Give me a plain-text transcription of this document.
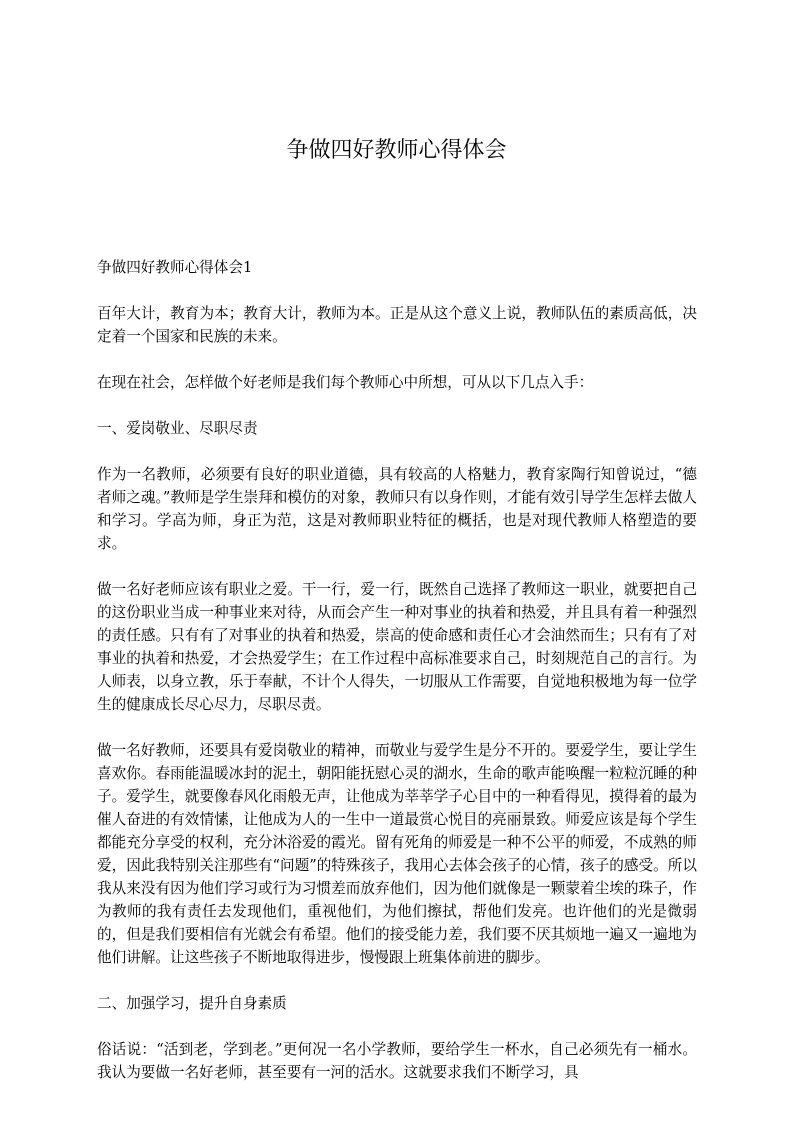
争做四好教师心得体会

争做四好教师心得体会1

百年大计，教育为本；教育大计，教师为本。正是从这个意义上说，教师队伍的素质高低，决定着一个国家和民族的未来。

在现在社会，怎样做个好老师是我们每个教师心中所想，可从以下几点入手：

一、爱岗敬业、尽职尽责

作为一名教师，必须要有良好的职业道德，具有较高的人格魅力，教育家陶行知曾说过，“德者师之魂。”教师是学生崇拜和模仿的对象，教师只有以身作则，才能有效引导学生怎样去做人和学习。学高为师，身正为范，这是对教师职业特征的概括，也是对现代教师人格塑造的要求。

做一名好老师应该有职业之爱。干一行，爱一行，既然自己选择了教师这一职业，就要把自己的这份职业当成一种事业来对待，从而会产生一种对事业的执着和热爱，并且具有着一种强烈的责任感。只有有了对事业的执着和热爱，崇高的使命感和责任心才会油然而生；只有有了对事业的执着和热爱，才会热爱学生；在工作过程中高标准要求自己，时刻规范自己的言行。为人师表，以身立教，乐于奉献，不计个人得失，一切服从工作需要，自觉地积极地为每一位学生的健康成长尽心尽力，尽职尽责。

做一名好教师，还要具有爱岗敬业的精神，而敬业与爱学生是分不开的。要爱学生，要让学生喜欢你。春雨能温暖冰封的泥土，朝阳能抚慰心灵的湖水，生命的歌声能唤醒一粒粒沉睡的种子。爱学生，就要像春风化雨般无声，让他成为莘莘学子心目中的一种看得见，摸得着的最为催人奋进的有效情愫，让他成为人的一生中一道最赏心悦目的亮丽景致。师爱应该是每个学生都能充分享受的权利，充分沐浴爱的霞光。留有死角的师爱是一种不公平的师爱，不成熟的师爱，因此我特别关注那些有“问题”的特殊孩子，我用心去体会孩子的心情，孩子的感受。所以我从来没有因为他们学习或行为习惯差而放弃他们，因为他们就像是一颗蒙着尘埃的珠子，作为教师的我有责任去发现他们，重视他们，为他们擦拭，帮他们发亮。也许他们的光是微弱的，但是我们要相信有光就会有希望。他们的接受能力差，我们要不厌其烦地一遍又一遍地为他们讲解。让这些孩子不断地取得进步，慢慢跟上班集体前进的脚步。

二、加强学习，提升自身素质

俗话说：“活到老，学到老。”更何况一名小学教师，要给学生一杯水，自己必须先有一桶水。我认为要做一名好老师，甚至要有一河的活水。这就要求我们不断学习，具
